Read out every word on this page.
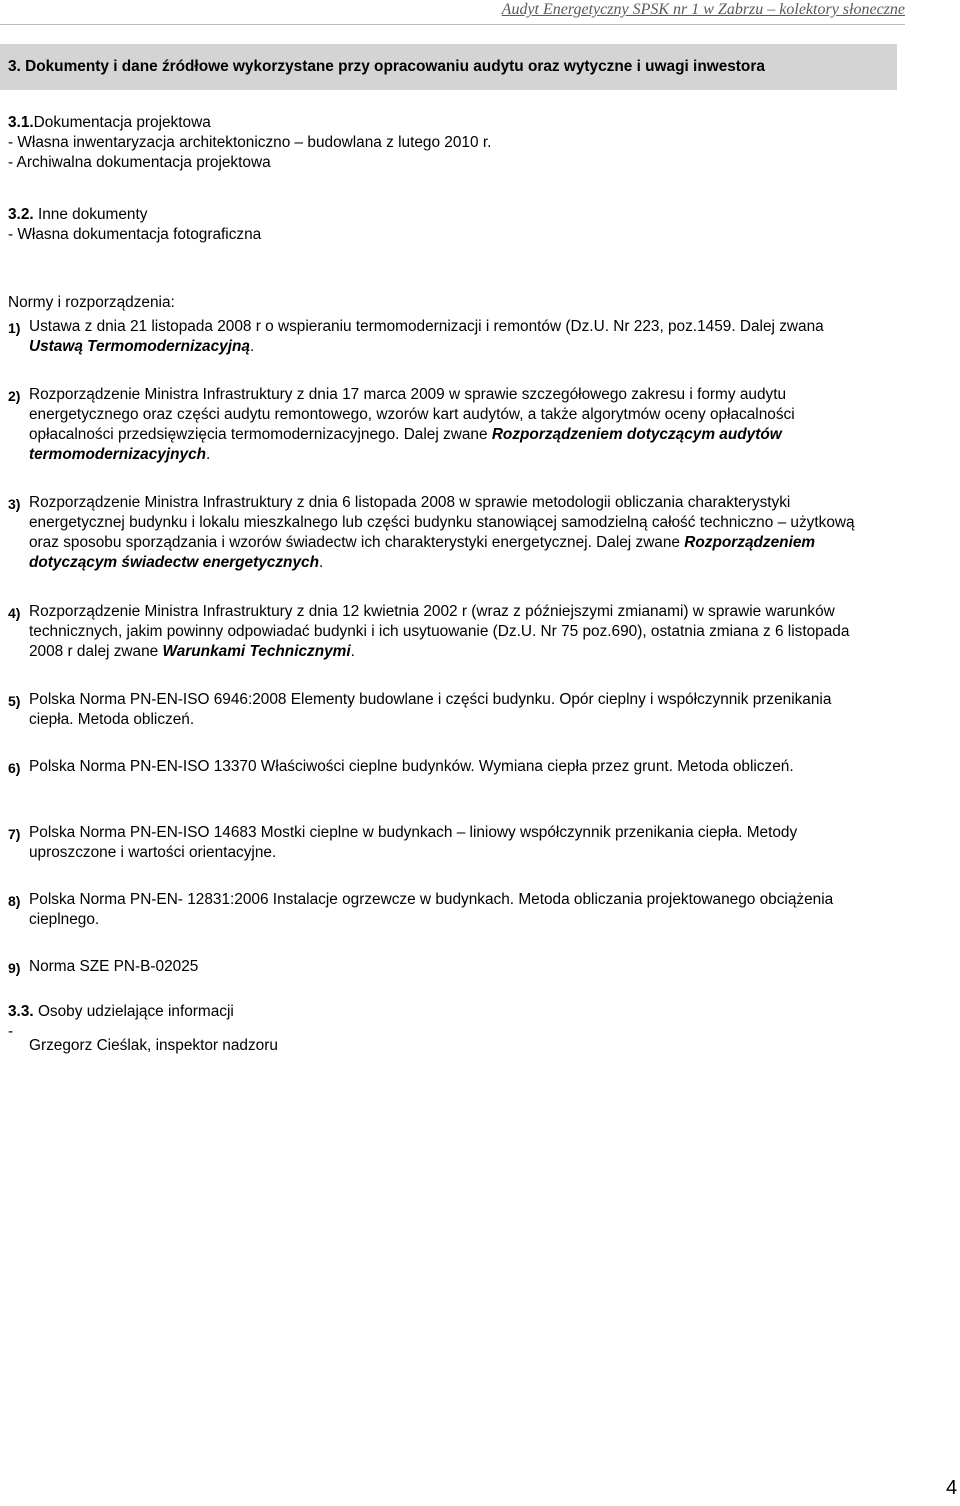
Audyt Energetyczny SPSK nr 1 w Zabrzu – kolektory słoneczne
3. Dokumenty i dane źródłowe wykorzystane przy opracowaniu audytu oraz wytyczne i uwagi inwestora

3.1.Dokumentacja projektowa

- Własna inwentaryzacja architektoniczno – budowlana z lutego 2010 r.

- Archiwalna dokumentacja projektowa

3.2. Inne dokumenty

- Własna dokumentacja fotograficzna

Normy i rozporządzenia:
1) Ustawa z dnia 21 listopada 2008 r o wspieraniu termomodernizacji i remontów (Dz.U. Nr 223, poz.1459. Dalej zwana Ustawą Termomodernizacyjną.
2) Rozporządzenie Ministra Infrastruktury z dnia 17 marca 2009 w sprawie szczegółowego zakresu i formy audytu energetycznego oraz części audytu remontowego, wzorów kart audytów, a także algorytmów oceny opłacalności opłacalności przedsięwzięcia termomodernizacyjnego. Dalej zwane Rozporządzeniem dotyczącym audytów termomodernizacyjnych.
3) Rozporządzenie Ministra Infrastruktury z dnia 6 listopada 2008 w sprawie metodologii obliczania charakterystyki energetycznej budynku i lokalu mieszkalnego lub części budynku stanowiącej samodzielną całość techniczno – użytkową oraz sposobu sporządzania i wzorów świadectw ich charakterystyki energetycznej. Dalej zwane Rozporządzeniem dotyczącym świadectw energetycznych.
4) Rozporządzenie Ministra Infrastruktury z dnia 12 kwietnia 2002 r (wraz z późniejszymi zmianami) w sprawie warunków technicznych, jakim powinny odpowiadać budynki i ich usytuowanie (Dz.U. Nr 75 poz.690), ostatnia zmiana z 6 listopada 2008 r dalej zwane Warunkami Technicznymi.
5) Polska Norma PN-EN-ISO 6946:2008 Elementy budowlane i części budynku. Opór cieplny i współczynnik przenikania ciepła. Metoda obliczeń.
6) Polska Norma PN-EN-ISO 13370 Właściwości cieplne budynków. Wymiana ciepła przez grunt. Metoda obliczeń.
7) Polska Norma PN-EN-ISO 14683 Mostki cieplne w budynkach – liniowy współczynnik przenikania ciepła. Metody uproszczone i wartości orientacyjne.
8) Polska Norma PN-EN- 12831:2006 Instalacje ogrzewcze w budynkach. Metoda obliczania projektowanego obciążenia cieplnego.
9) Norma SZE PN-B-02025

3.3. Osoby udzielające informacji

-
Grzegorz Cieślak, inspektor nadzoru
4
